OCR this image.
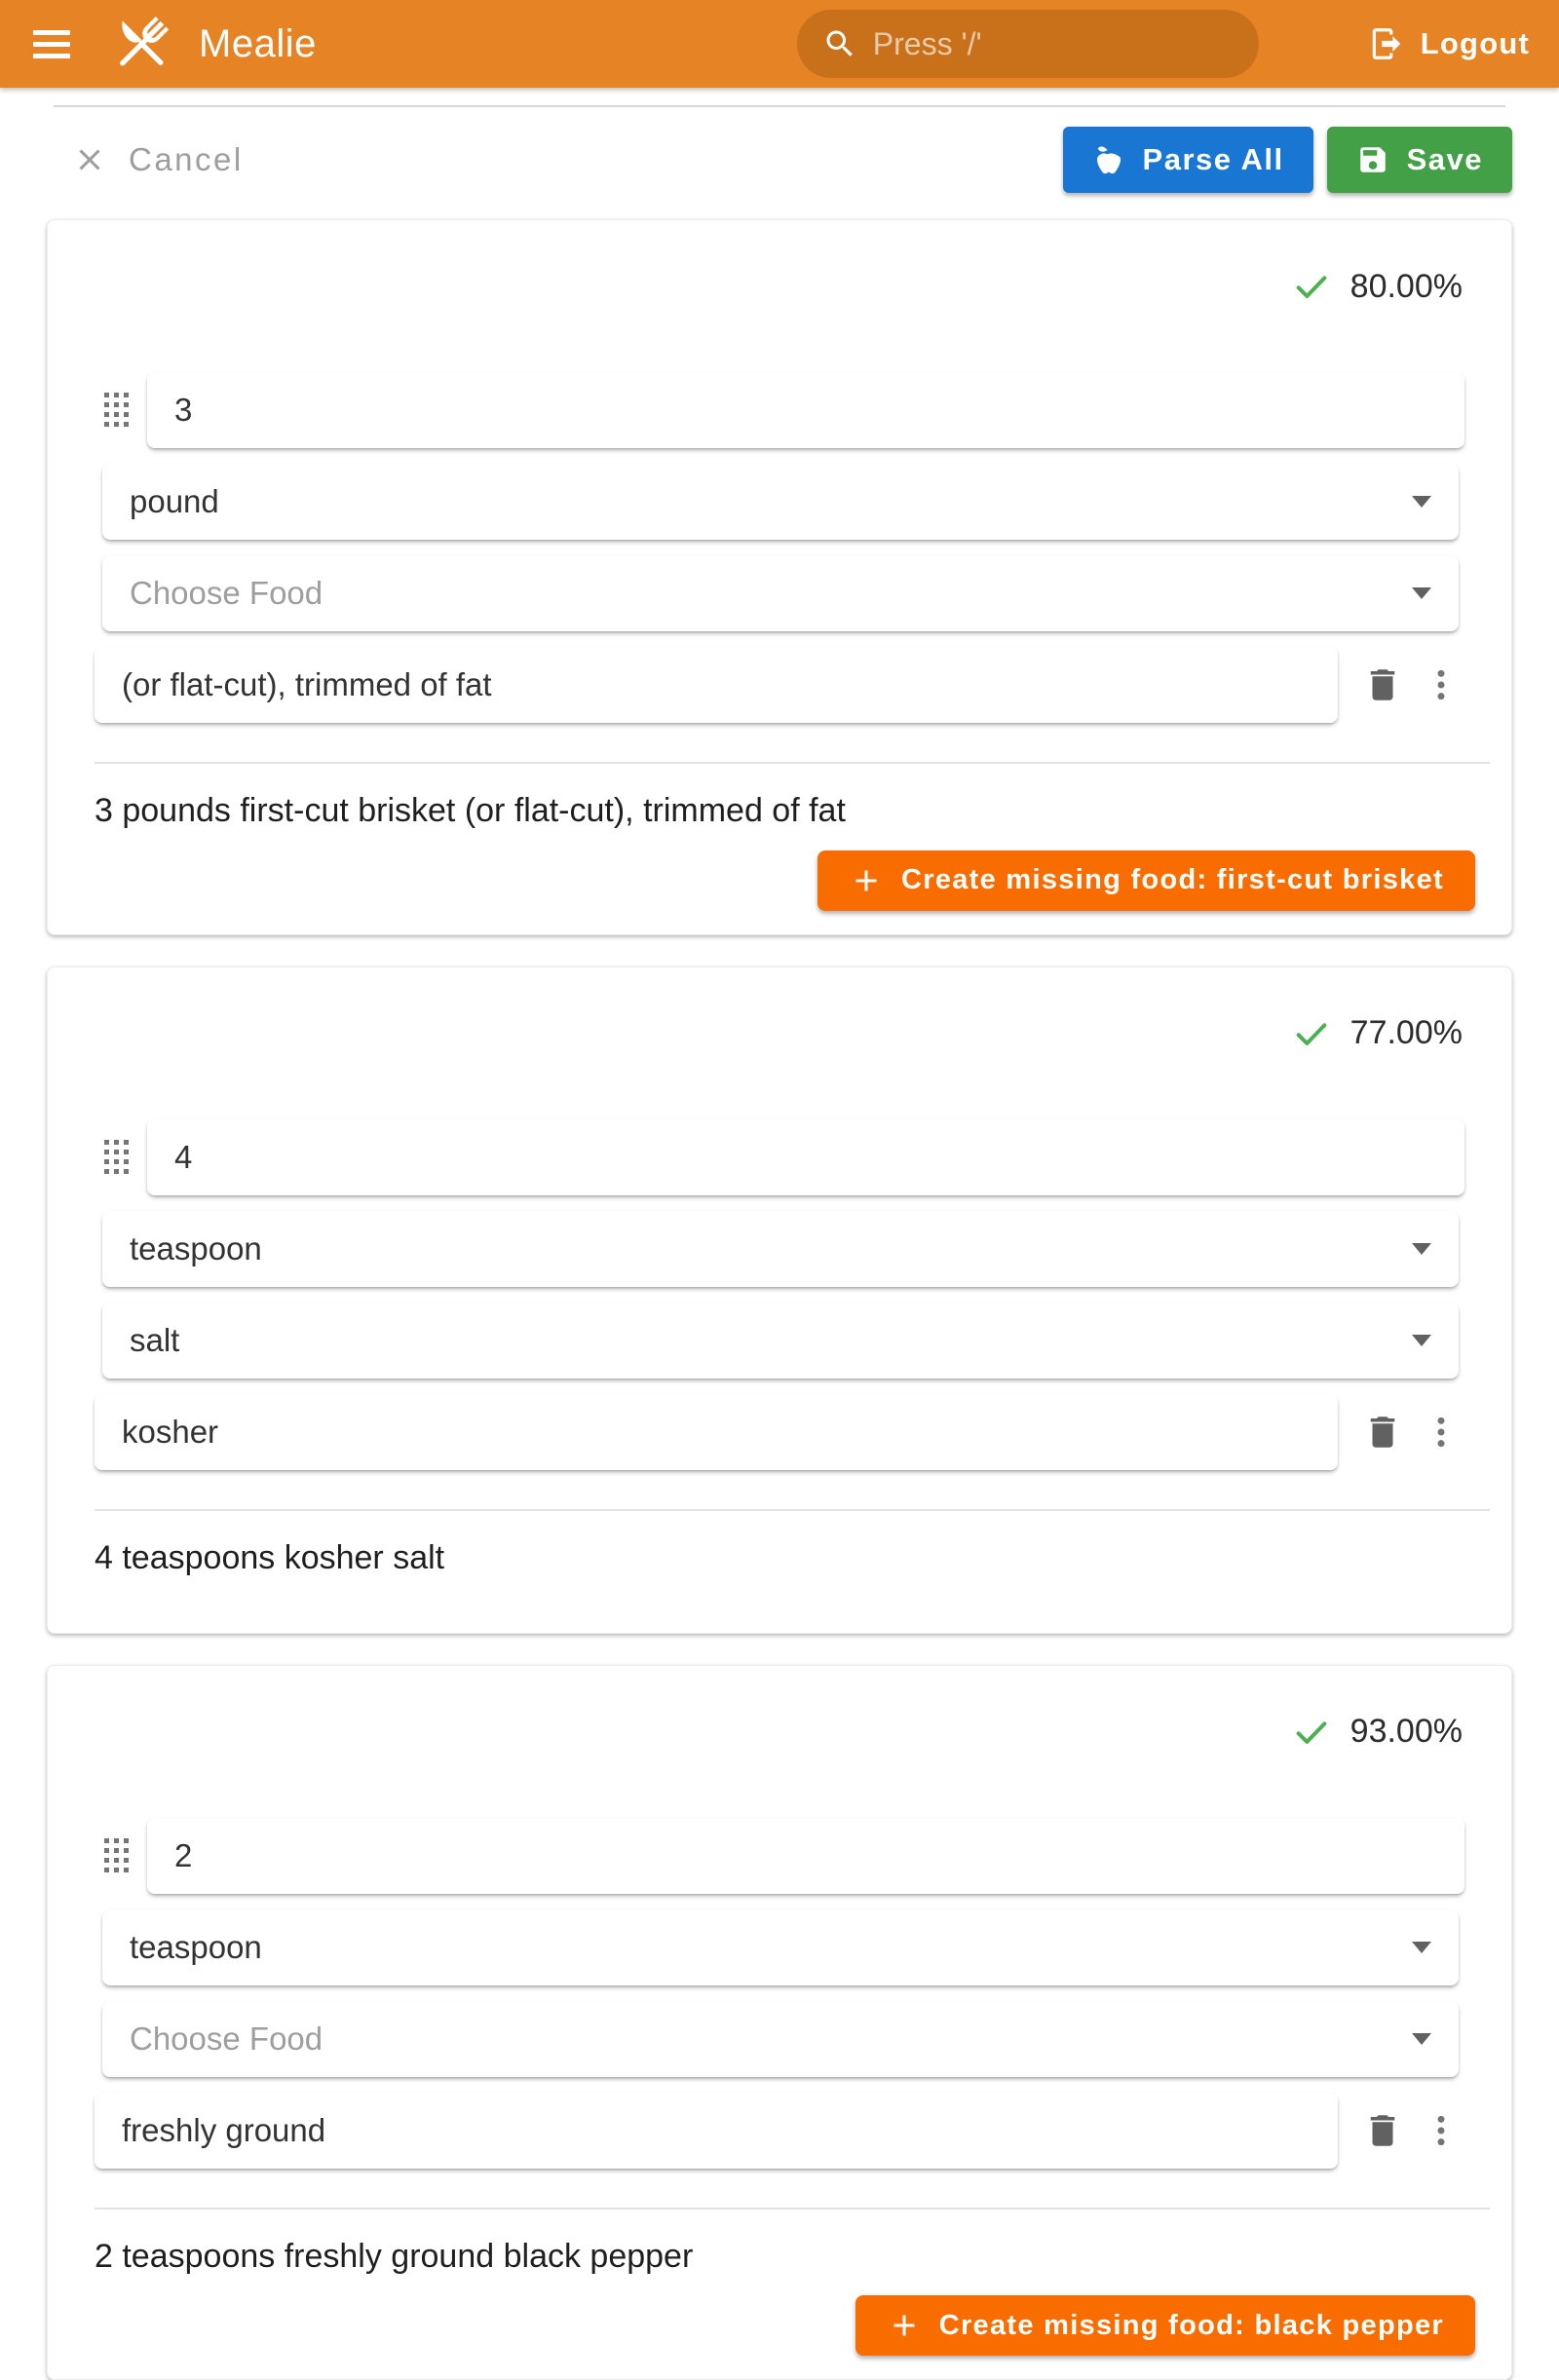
Mealie
Press '/'	Logout
Cancel	Parse All	Save
80.00%
3
pound
Choose Food
(or flat-cut), trimmed of fat
3 pounds first-cut brisket (or flat-cut), trimmed of fat
Create missing food: first-cut brisket
77.00%
4
teaspoon
salt
kosher
4 teaspoons kosher salt
93.00%
2
teaspoon
Choose Food
freshly ground
2 teaspoons freshly ground black pepper
Create missing food: black pepper
